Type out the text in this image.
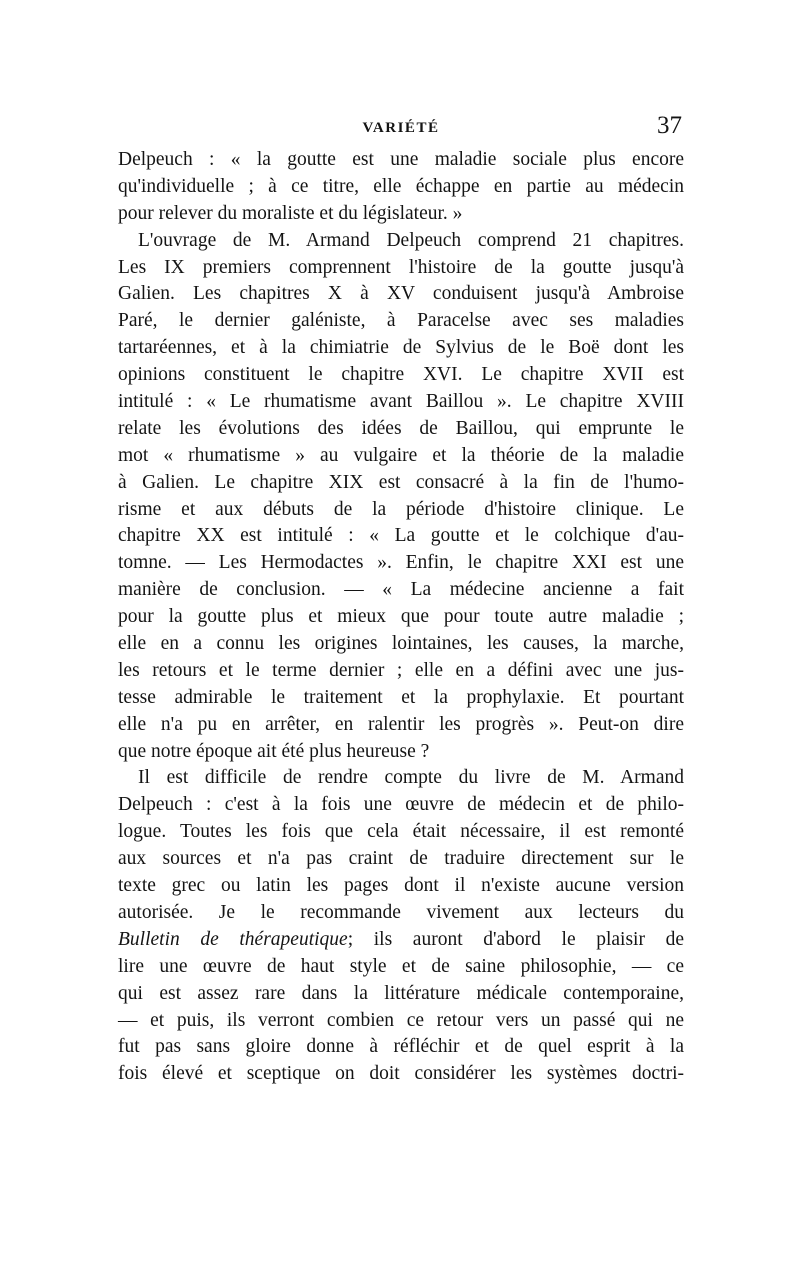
VARIÉTÉ	37
Delpeuch : « la goutte est une maladie sociale plus encore
qu'individuelle ; à ce titre, elle échappe en partie au médecin
pour relever du moraliste et du législateur. »
L'ouvrage de M. Armand Delpeuch comprend 21 chapitres.
Les IX premiers comprennent l'histoire de la goutte jusqu'à
Galien. Les chapitres X à XV conduisent jusqu'à Ambroise
Paré, le dernier galéniste, à Paracelse avec ses maladies
tartaréennes, et à la chimiatrie de Sylvius de le Boë dont les
opinions constituent le chapitre XVI. Le chapitre XVII est
intitulé : « Le rhumatisme avant Baillou ». Le chapitre XVIII
relate les évolutions des idées de Baillou, qui emprunte le
mot « rhumatisme » au vulgaire et la théorie de la maladie
à Galien. Le chapitre XIX est consacré à la fin de l'humo-
risme et aux débuts de la période d'histoire clinique. Le
chapitre XX est intitulé : « La goutte et le colchique d'au-
tomne. — Les Hermodactes ». Enfin, le chapitre XXI est une
manière de conclusion. — « La médecine ancienne a fait
pour la goutte plus et mieux que pour toute autre maladie ;
elle en a connu les origines lointaines, les causes, la marche,
les retours et le terme dernier ; elle en a défini avec une jus-
tesse admirable le traitement et la prophylaxie. Et pourtant
elle n'a pu en arrêter, en ralentir les progrès ». Peut-on dire
que notre époque ait été plus heureuse ?
Il est difficile de rendre compte du livre de M. Armand
Delpeuch : c'est à la fois une œuvre de médecin et de philo-
logue. Toutes les fois que cela était nécessaire, il est remonté
aux sources et n'a pas craint de traduire directement sur le
texte grec ou latin les pages dont il n'existe aucune version
autorisée. Je le recommande vivement aux lecteurs du
Bulletin de thérapeutique; ils auront d'abord le plaisir de
lire une œuvre de haut style et de saine philosophie, — ce
qui est assez rare dans la littérature médicale contemporaine,
— et puis, ils verront combien ce retour vers un passé qui ne
fut pas sans gloire donne à réfléchir et de quel esprit à la
fois élevé et sceptique on doit considérer les systèmes doctri-
